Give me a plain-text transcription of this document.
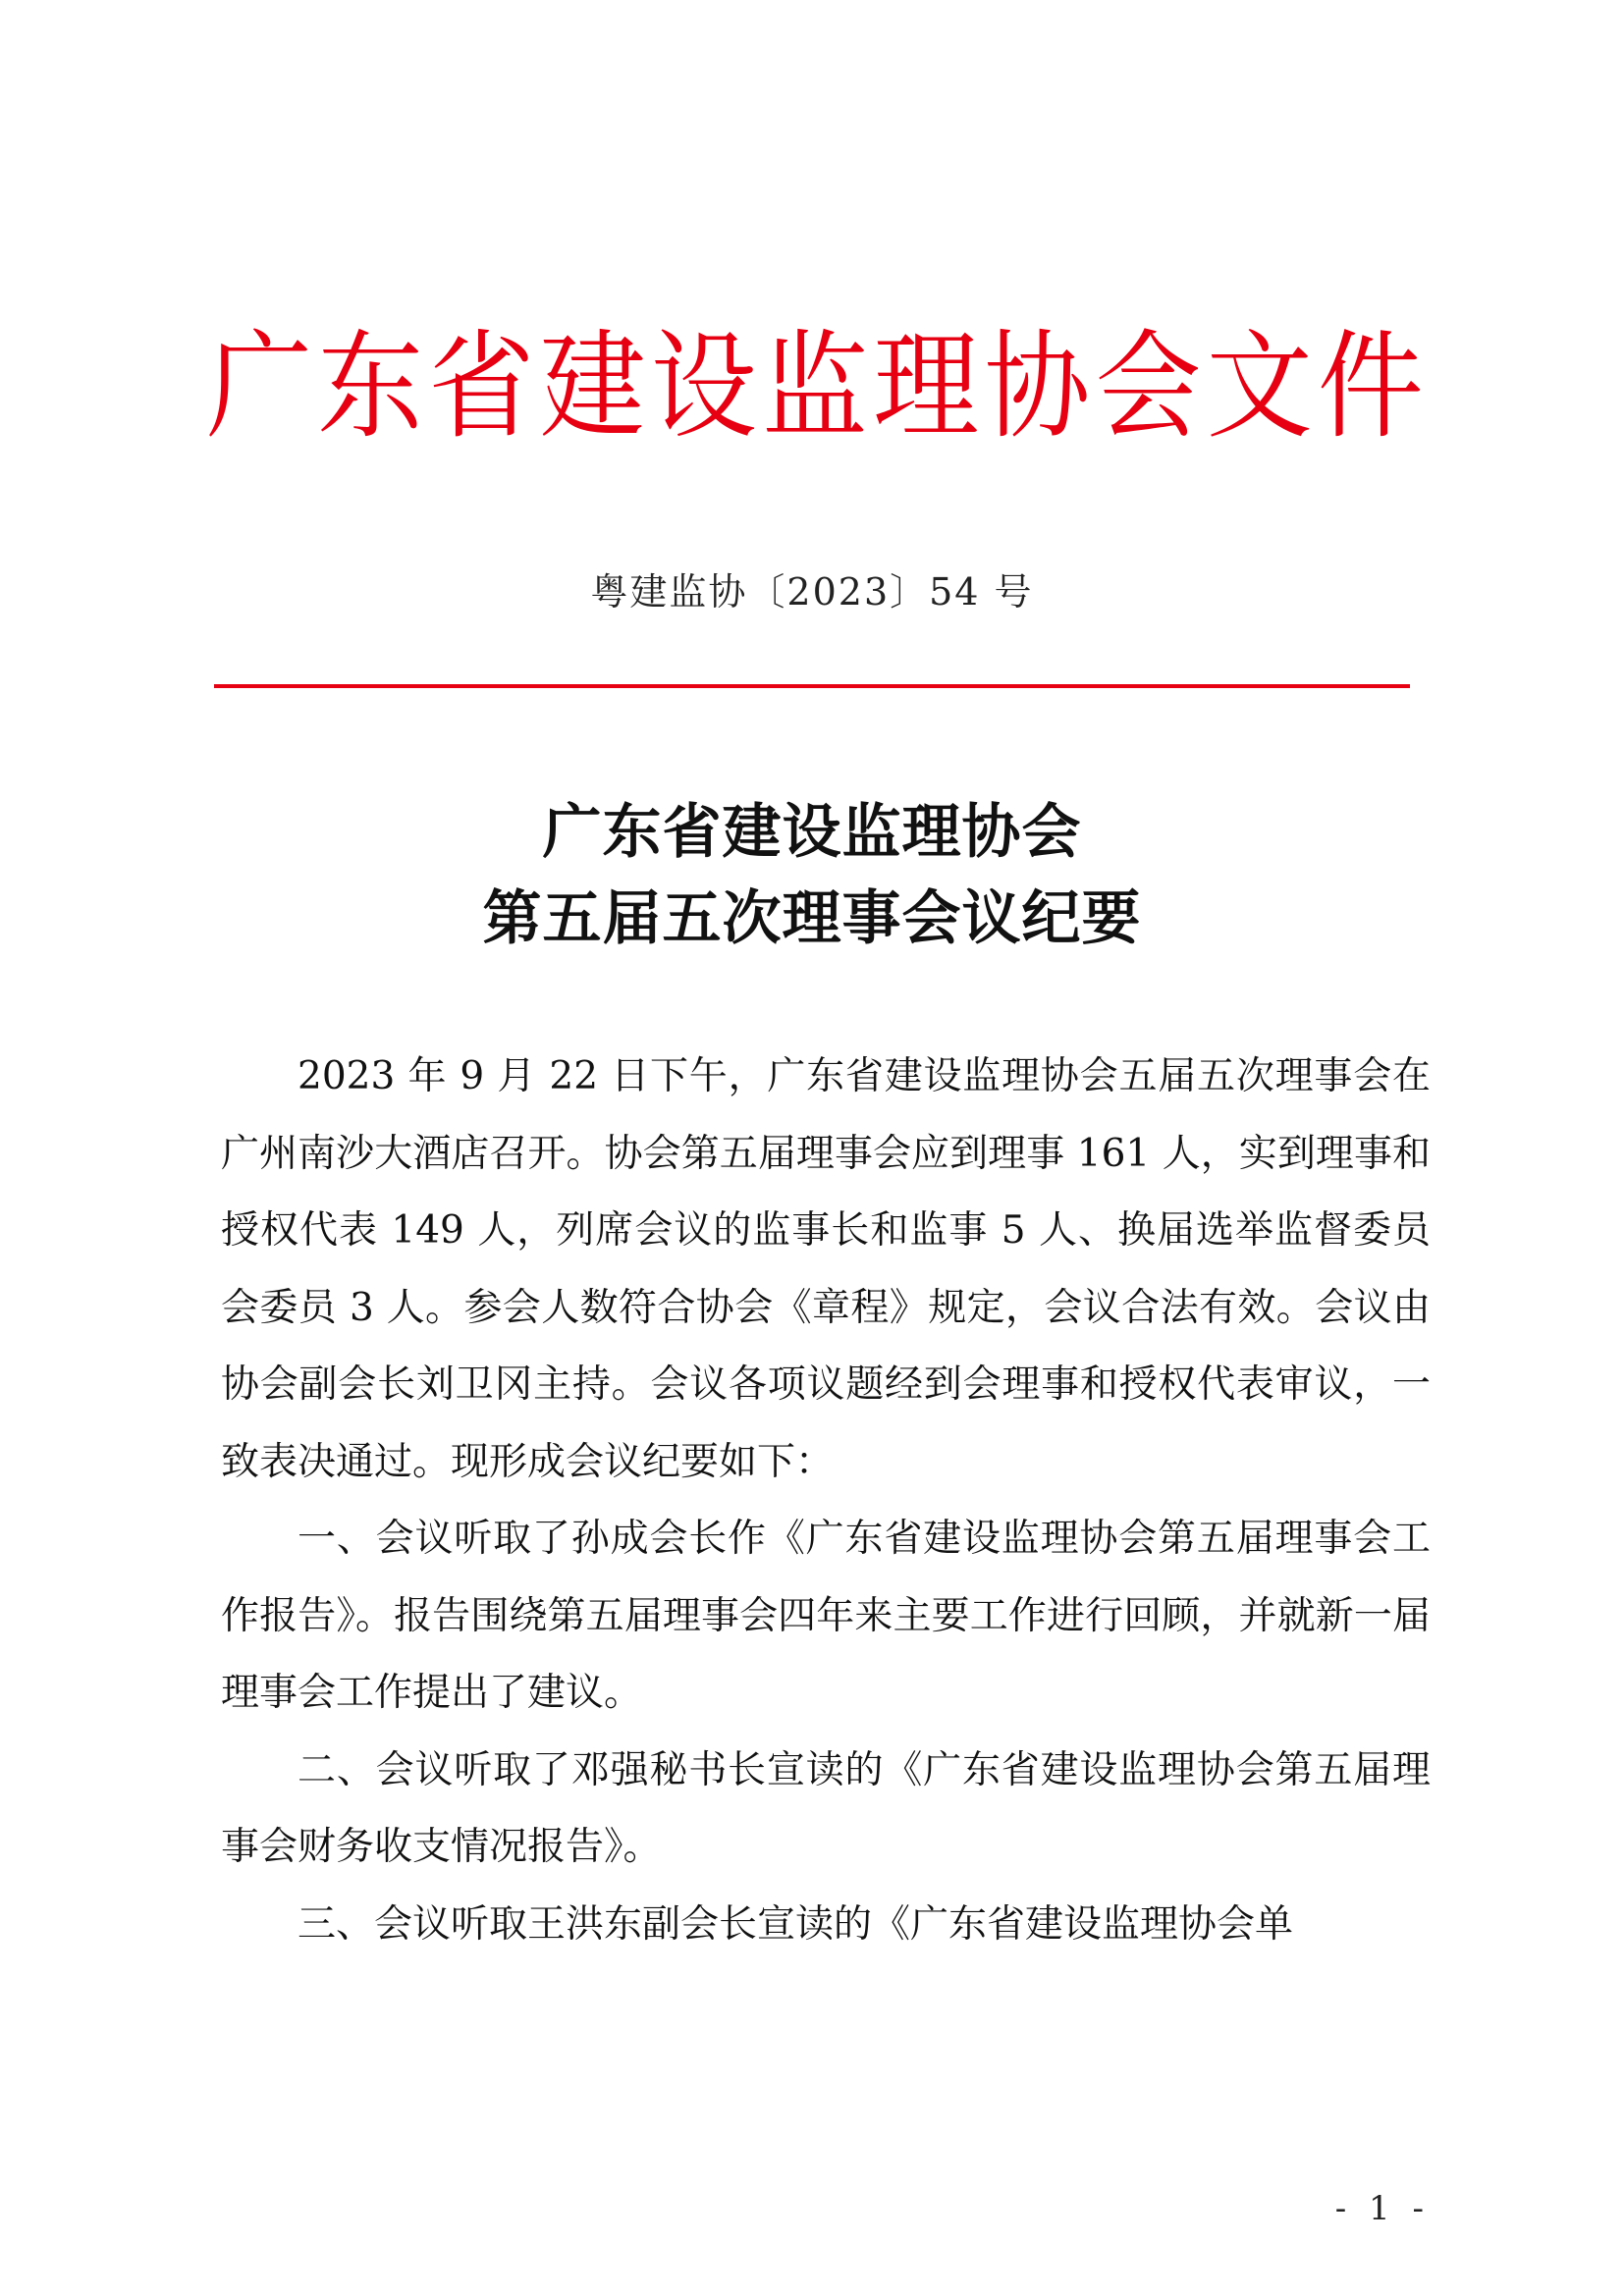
广 东 省 建 设 监 理 协 会 文 件
粤建监协〔2023〕54 号
广东省建设监理协会
第五届五次理事会议纪要

2023 年 9 月 22 日下午，广东省建设监理协会五届五次理事会在广州南沙大酒店召开。协会第五届理事会应到理事 161 人，实到理事和授权代表 149 人，列席会议的监事长和监事 5 人、换届选举监督委员会委员 3 人。参会人数符合协会《章程》规定，会议合法有效。会议由协会副会长刘卫冈主持。会议各项议题经到会理事和授权代表审议，一致表决通过。现形成会议纪要如下：

一、会议听取了孙成会长作《广东省建设监理协会第五届理事会工作报告》。报告围绕第五届理事会四年来主要工作进行回顾，并就新一届理事会工作提出了建议。

二、会议听取了邓强秘书长宣读的《广东省建设监理协会第五届理事会财务收支情况报告》。

三、会议听取王洪东副会长宣读的《广东省建设监理协会单

- 1 -
